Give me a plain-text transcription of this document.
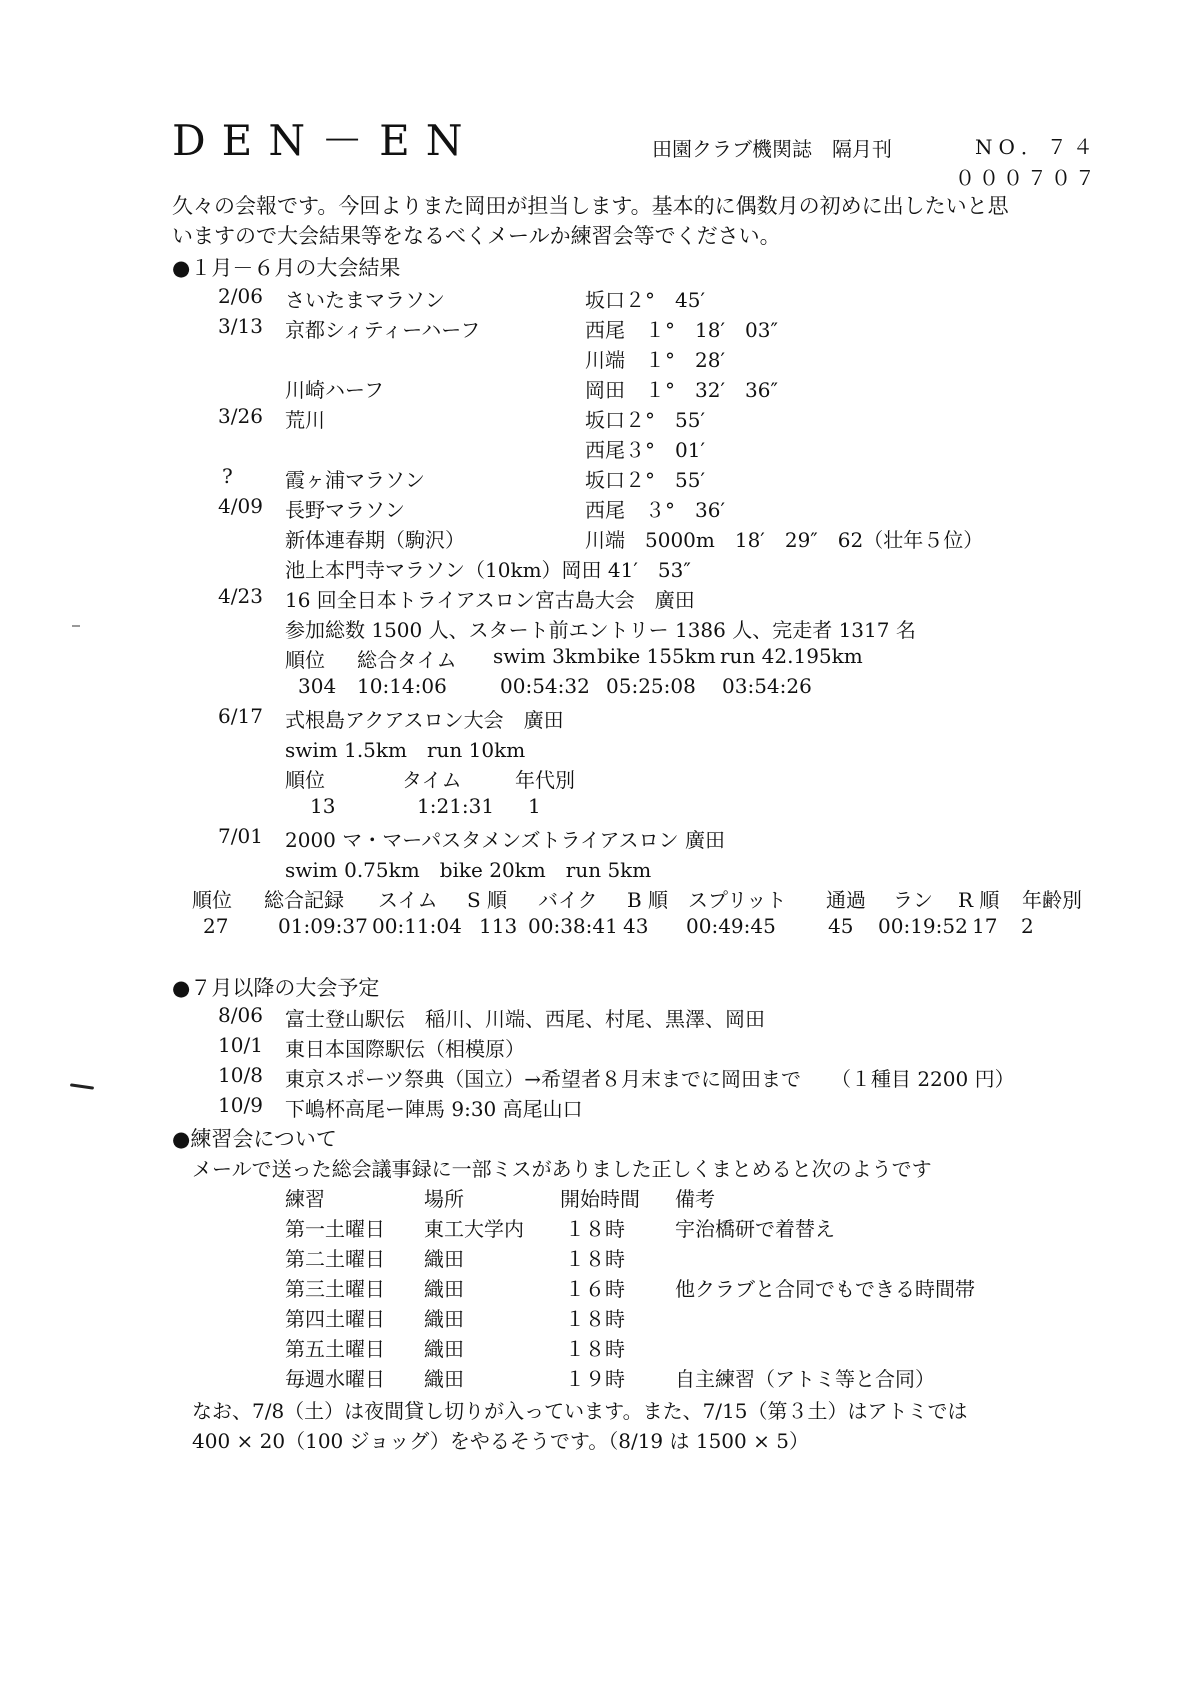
DEN－EN	田園クラブ機関誌　隔月刊	NO．７４
０００７０７
久々の会報です。今回よりまた岡田が担当します。基本的に偶数月の初めに出したいと思
いますので大会結果等をなるべくメールか練習会等でください。
●１月－６月の大会結果
2/06 さいたまマラソン	坂口２°　45′
3/13 京都シィティーハーフ	西尾　１°　18′　03″
川端　１°　28′
川崎ハーフ	岡田　１°　32′　36″
3/26 荒川	坂口２°　55′
西尾３°　01′
?	霞ヶ浦マラソン	坂口２°　55′
4/09 長野マラソン	西尾　３°　36′
新体連春期（駒沢）	川端　5000m　18′　29″　62（壮年５位）
池上本門寺マラソン（10km）岡田 41′　53″
4/23 16 回全日本トライアスロン宮古島大会　廣田
参加総数 1500 人、スタート前エントリー 1386 人、完走者 1317 名
順位 総合タイム swim 3km bike 155km run 42.195km
304 10:14:06	00:54:32 05:25:08 03:54:26
6/17 式根島アクアスロン大会　廣田
swim 1.5km　run 10km
順位	タイム	年代別
13	1:21:31 1
7/01 2000 マ・マーパスタメンズトライアスロン 廣田
swim 0.75km　bike 20km　run 5km
順位 総合記録 スイム S 順 バイク B 順 スプリット 通過 ラン R 順 年齢別
27 01:09:37 00:11:04 113 00:38:41 43 00:49:45	45 00:19:52 17 2
●７月以降の大会予定
8/06 富士登山駅伝　稲川、川端、西尾、村尾、黒澤、岡田
10/1 東日本国際駅伝（相模原）
10/8 東京スポーツ祭典（国立）→希望者８月末までに岡田まで　　（１種目 2200 円）
10/9 下嶋杯高尾ー陣馬 9:30 高尾山口
●練習会について
メールで送った総会議事録に一部ミスがありました正しくまとめると次のようです
練習	場所	開始時間 備考
第一土曜日 東工大学内 １８時	宇治橋研で着替え
第二土曜日 織田	１８時
第三土曜日 織田	１６時	他クラブと合同でもできる時間帯
第四土曜日 織田	１８時
第五土曜日 織田	１８時
毎週水曜日 織田	１９時	自主練習（アトミ等と合同）
なお、7/8（土）は夜間貸し切りが入っています。また、7/15（第３土）はアトミでは
400 × 20（100 ジョッグ）をやるそうです。（8/19 は 1500 × 5）
